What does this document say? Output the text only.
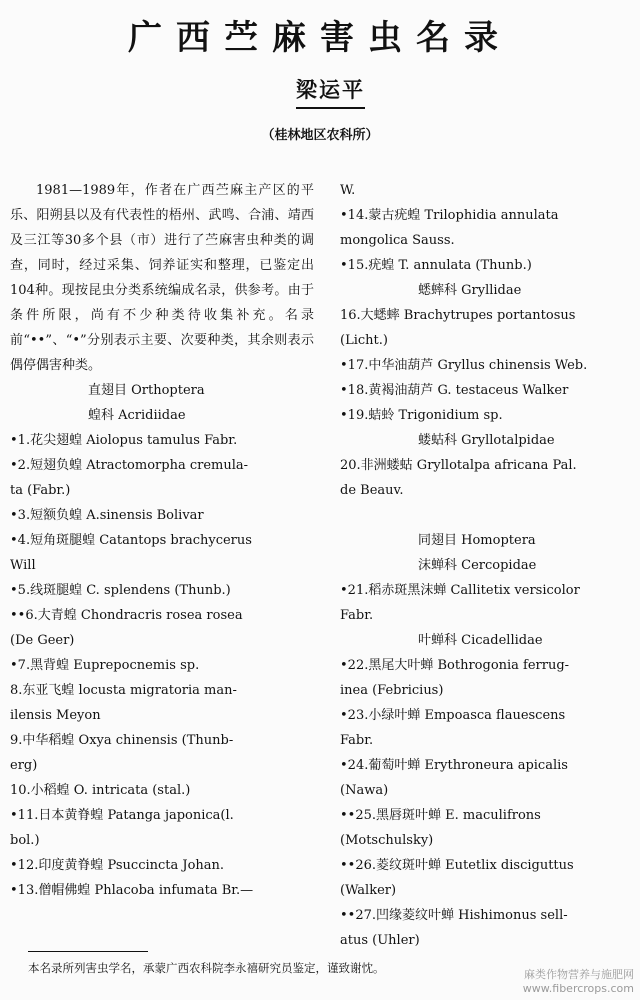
广西苎麻害虫名录
梁运平
（桂林地区农科所）

1981—1989年，作者在广西苎麻主产区的平乐、阳朔县以及有代表性的梧州、武鸣、合浦、靖西及三江等30多个县（市）进行了苎麻害虫种类的调查，同时，经过采集、饲养证实和整理，已鉴定出104种。现按昆虫分类系统编成名录，供参考。由于条件所限，尚有不少种类待收集补充。名录前“••”、“•”分别表示主要、次要种类，其余则表示偶停偶害种类。

直翅目 Orthoptera
蝗科 Acridiidae
•1.花尖翅蝗 Aiolopus tamulus Fabr.
•2.短翅负蝗 Atractomorpha cremula-
ta (Fabr.)
•3.短额负蝗 A.sinensis Bolivar
•4.短角斑腿蝗 Catantops brachycerus
Will
•5.线斑腿蝗 C. splendens (Thunb.)
••6.大青蝗 Chondracris rosea rosea
(De Geer)
•7.黑背蝗 Euprepocnemis sp.
8.东亚飞蝗 locusta migratoria man-
ilensis Meyon
9.中华稻蝗 Oxya chinensis (Thunb-
erg)
10.小稻蝗 O. intricata (stal.)
•11.日本黄脊蝗 Patanga japonica(l.
bol.)
•12.印度黄脊蝗 Psuccincta Johan.
•13.僧帽佛蝗 Phlacoba infumata Br.—
W.
•14.蒙古疣蝗 Trilophidia annulata
mongolica Sauss.
•15.疣蝗 T. annulata (Thunb.)
蟋蟀科 Gryllidae
16.大蟋蟀 Brachytrupes portantosus
(Licht.)
•17.中华油葫芦 Gryllus chinensis Web.
•18.黄褐油葫芦 G. testaceus Walker
•19.蛣蛉 Trigonidium sp.
蝼蛄科 Gryllotalpidae
20.非洲蝼蛄 Gryllotalpa africana Pal.
de Beauv.

同翅目 Homoptera
沫蝉科 Cercopidae
•21.稻赤斑黑沫蝉 Callitetix versicolor
Fabr.
叶蝉科 Cicadellidae
•22.黑尾大叶蝉 Bothrogonia ferrug-
inea (Febricius)
•23.小绿叶蝉 Empoasca flauescens
Fabr.
•24.葡萄叶蝉 Erythroneura apicalis
(Nawa)
••25.黑唇斑叶蝉 E. maculifrons
(Motschulsky)
••26.菱纹斑叶蝉 Eutetlix disciguttus
(Walker)
••27.凹缘菱纹叶蝉 Hishimonus sell-
atus (Uhler)
本名录所列害虫学名，承蒙广西农科院李永禧研究员鉴定，谨致谢忱。	麻类作物营养与施肥网
www.fibercrops.com
